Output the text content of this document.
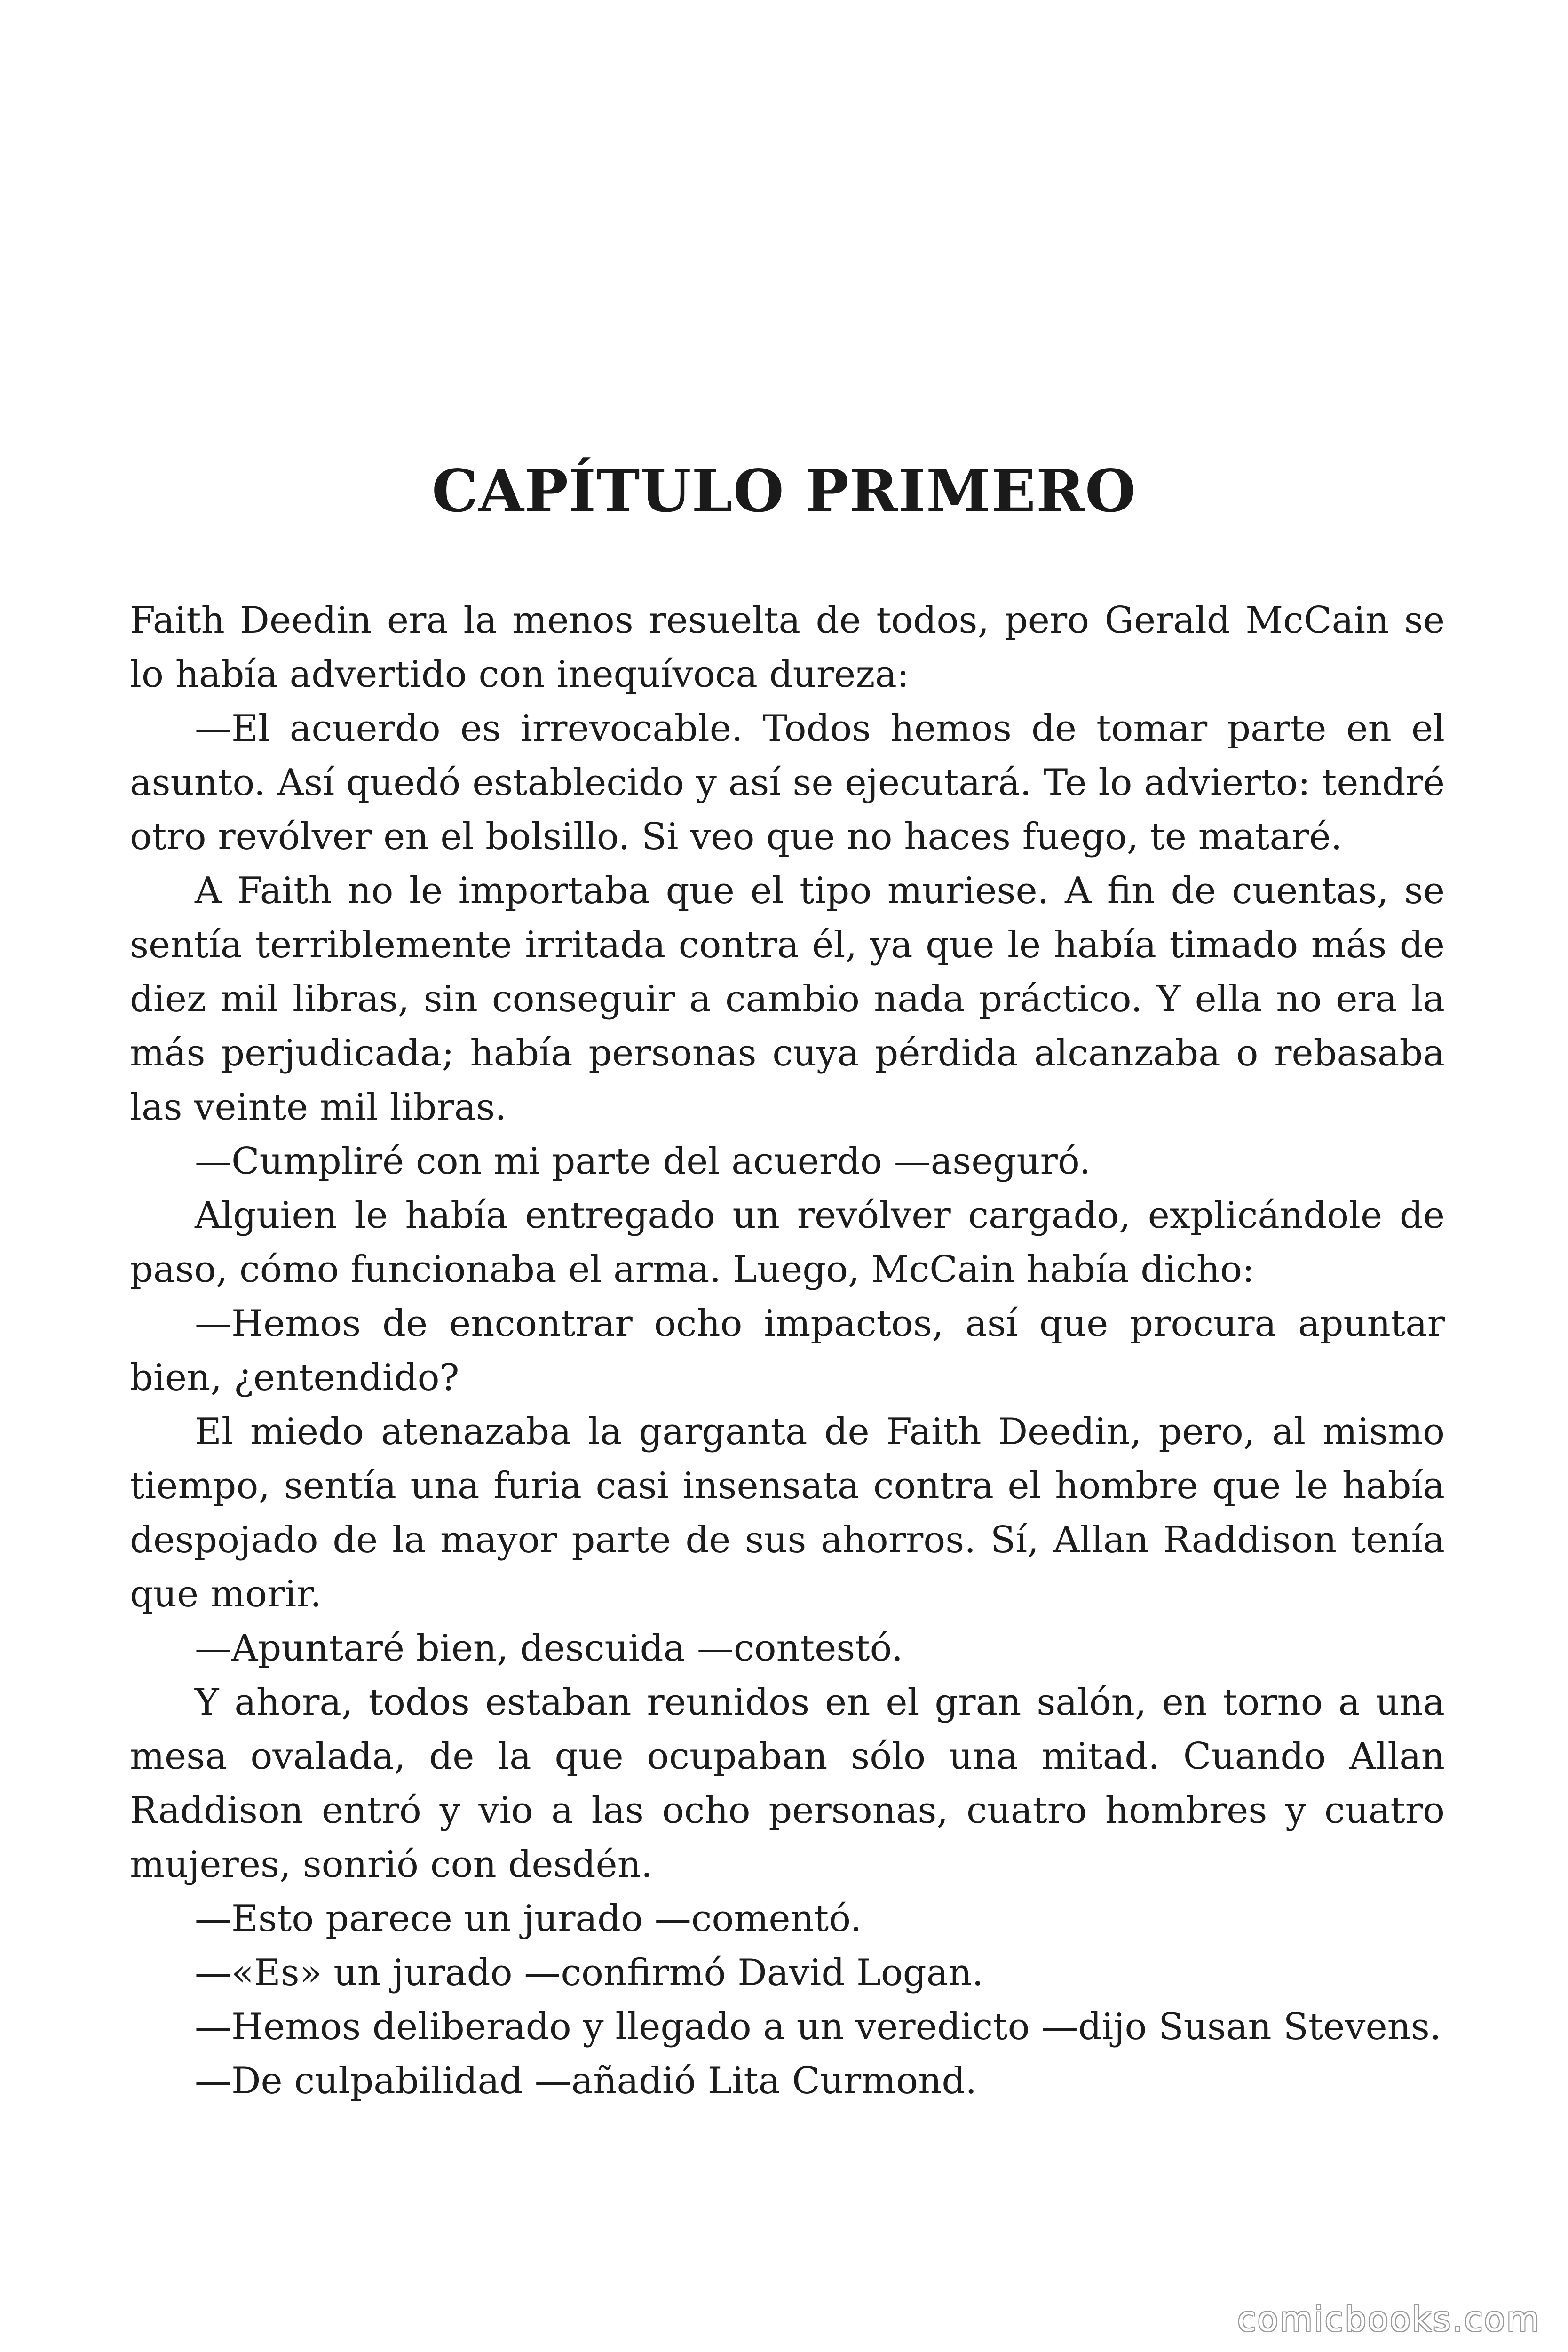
CAPÍTULO PRIMERO

Faith Deedin era la menos resuelta de todos, pero Gerald McCain se lo había advertido con inequívoca dureza:

—El acuerdo es irrevocable. Todos hemos de tomar parte en el asunto. Así quedó establecido y así se ejecutará. Te lo advierto: tendré otro revólver en el bolsillo. Si veo que no haces fuego, te mataré.

A Faith no le importaba que el tipo muriese. A fin de cuentas, se sentía terriblemente irritada contra él, ya que le había timado más de diez mil libras, sin conseguir a cambio nada práctico. Y ella no era la más perjudicada; había personas cuya pérdida alcanzaba o rebasaba las veinte mil libras.

—Cumpliré con mi parte del acuerdo —aseguró.

Alguien le había entregado un revólver cargado, explicándole de paso, cómo funcionaba el arma. Luego, McCain había dicho:

—Hemos de encontrar ocho impactos, así que procura apuntar bien, ¿entendido?

El miedo atenazaba la garganta de Faith Deedin, pero, al mismo tiempo, sentía una furia casi insensata contra el hombre que le había despojado de la mayor parte de sus ahorros. Sí, Allan Raddison tenía que morir.

—Apuntaré bien, descuida —contestó.

Y ahora, todos estaban reunidos en el gran salón, en torno a una mesa ovalada, de la que ocupaban sólo una mitad. Cuando Allan Raddison entró y vio a las ocho personas, cuatro hombres y cuatro mujeres, sonrió con desdén.

—Esto parece un jurado —comentó.

—«Es» un jurado —confirmó David Logan.

—Hemos deliberado y llegado a un veredicto —dijo Susan Stevens.

—De culpabilidad —añadió Lita Curmond.

comicbooks.com
